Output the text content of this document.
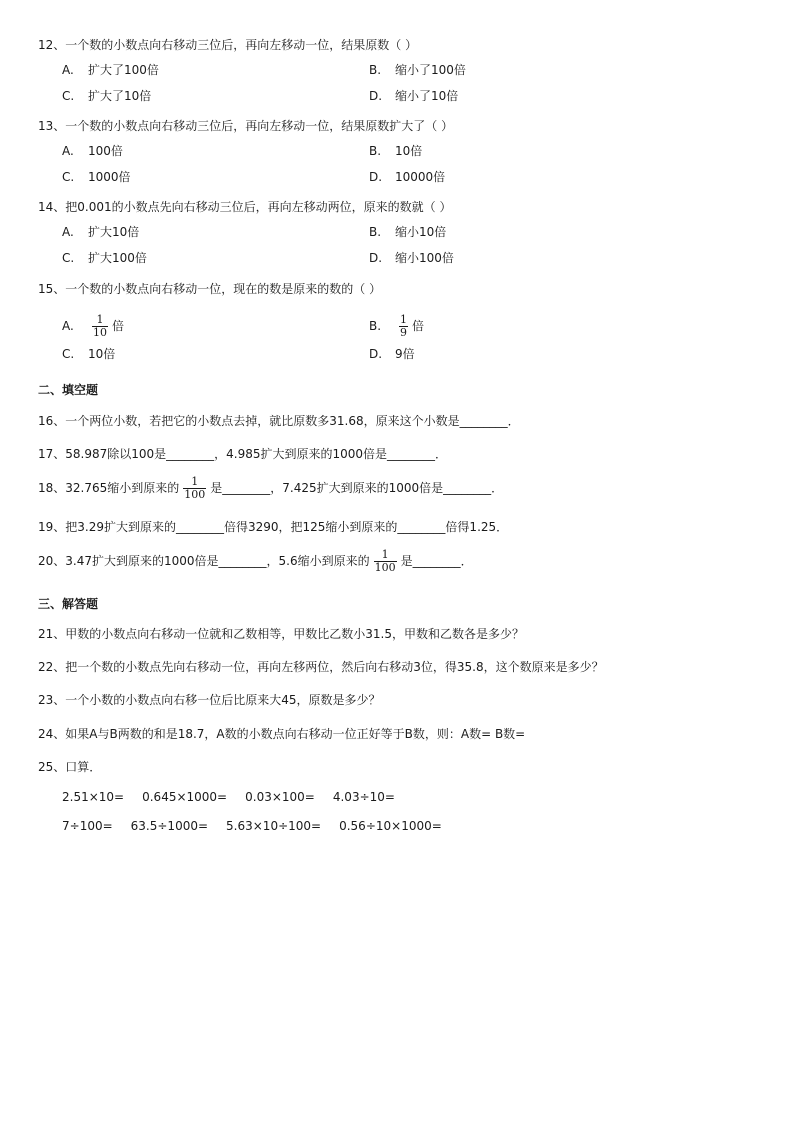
12、一个数的小数点向右移动三位后，再向左移动一位，结果原数（ ）
A. 扩大了100倍	B. 缩小了100倍
C. 扩大了10倍	D. 缩小了10倍
13、一个数的小数点向右移动三位后，再向左移动一位，结果原数扩大了（ ）
A. 100倍	B. 10倍
C. 1000倍	D. 10000倍
14、把0.001的小数点先向右移动三位后，再向左移动两位，原来的数就（ ）
A. 扩大10倍	B. 缩小10倍
C. 扩大100倍	D. 缩小100倍
15、一个数的小数点向右移动一位，现在的数是原来的数的（ ）
A. $\frac{1}{10}$ 倍	B. $\frac{1}{9}$ 倍
C. 10倍	D. 9倍
二、填空题
16、一个两位小数，若把它的小数点去掉，就比原数多31.68，原来这个小数是________．
17、58.987除以100是________，4.985扩大到原来的1000倍是________．
18、32.765缩小到原来的 $\frac{1}{100}$ 是________，7.425扩大到原来的1000倍是________．
19、把3.29扩大到原来的________倍得3290，把125缩小到原来的________倍得1.25．
20、3.47扩大到原来的1000倍是________，5.6缩小到原来的 $\frac{1}{100}$ 是________．
三、解答题
21、甲数的小数点向右移动一位就和乙数相等，甲数比乙数小31.5，甲数和乙数各是多少？
22、把一个数的小数点先向右移动一位，再向左移两位，然后向右移动3位，得35.8，这个数原来是多少？
23、一个小数的小数点向右移一位后比原来大45，原数是多少？
24、如果A与B两数的和是18.7，A数的小数点向右移动一位正好等于B数，则：A数= B数=
25、口算．
2.51×10= 0.645×1000= 0.03×100= 4.03÷10=
7÷100= 63.5÷1000= 5.63×10÷100= 0.56÷10×1000=
